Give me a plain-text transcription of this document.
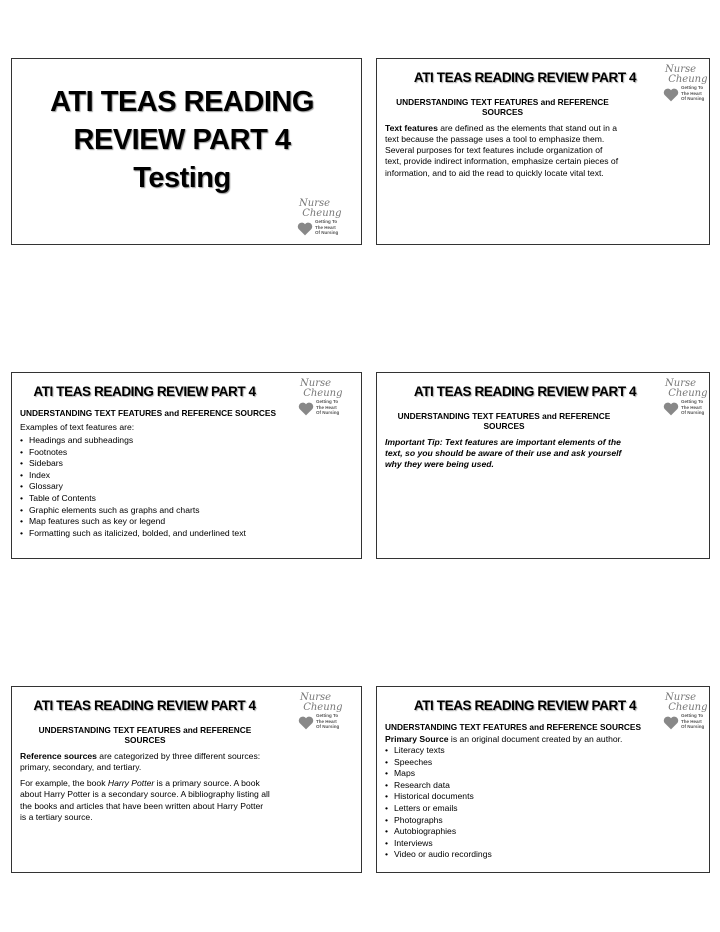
ATI TEAS READING
REVIEW PART 4
Testing
Nurse
Cheung
Getting To
The Heart
Of Nursing
ATI TEAS READING REVIEW PART 4
Nurse
Cheung
Getting To
The Heart
Of Nursing
UNDERSTANDING TEXT FEATURES and REFERENCE SOURCES

Text features are defined as the elements that stand out in a text because the passage uses a tool to emphasize them. Several purposes for text features include organization of text, provide indirect information, emphasize certain pieces of information, and to aid the read to quickly locate vital text.

ATI TEAS READING REVIEW PART 4
Nurse
Cheung
Getting To
The Heart
Of Nursing
UNDERSTANDING TEXT FEATURES and REFERENCE SOURCES

Examples of text features are:

• Headings and subheadings
• Footnotes
• Sidebars
• Index
• Glossary
• Table of Contents
• Graphic elements such as graphs and charts
• Map features such as key or legend
• Formatting such as italicized, bolded, and underlined text
ATI TEAS READING REVIEW PART 4
Nurse
Cheung
Getting To
The Heart
Of Nursing
UNDERSTANDING TEXT FEATURES and REFERENCE SOURCES

Important Tip: Text features are important elements of the text, so you should be aware of their use and ask yourself why they were being used.

ATI TEAS READING REVIEW PART 4
Nurse
Cheung
Getting To
The Heart
Of Nursing
UNDERSTANDING TEXT FEATURES and REFERENCE SOURCES

Reference sources are categorized by three different sources: primary, secondary, and tertiary.

For example, the book Harry Potter is a primary source. A book about Harry Potter is a secondary source. A bibliography listing all the books and articles that have been written about Harry Potter is a tertiary source.

ATI TEAS READING REVIEW PART 4
Nurse
Cheung
Getting To
The Heart
Of Nursing
UNDERSTANDING TEXT FEATURES and REFERENCE SOURCES

Primary Source is an original document created by an author.

• Literacy texts
• Speeches
• Maps
• Research data
• Historical documents
• Letters or emails
• Photographs
• Autobiographies
• Interviews
• Video or audio recordings
